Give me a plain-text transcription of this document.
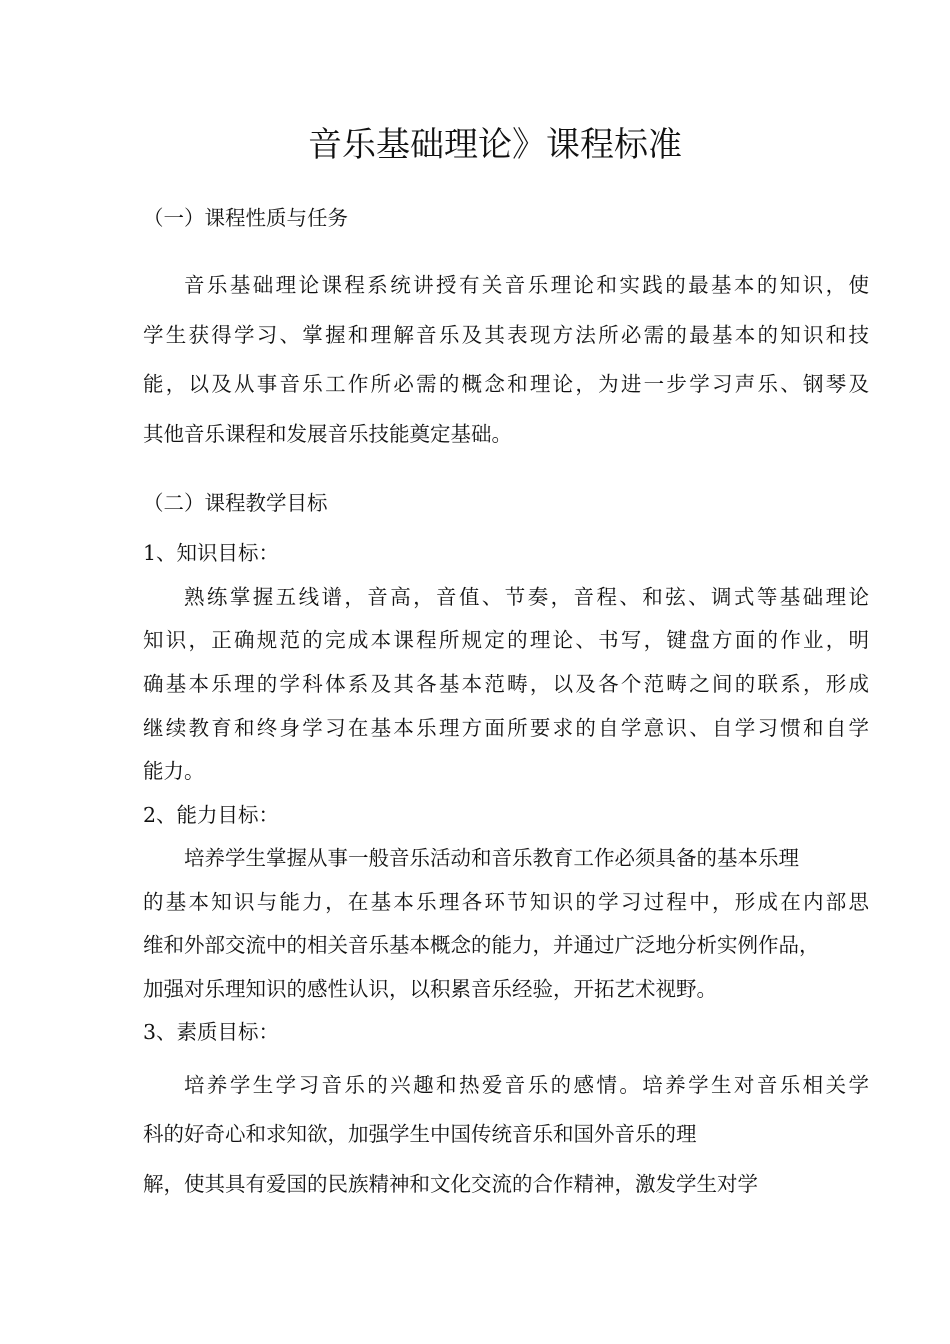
音乐基础理论》课程标准
（一）课程性质与任务
音乐基础理论课程系统讲授有关音乐理论和实践的最基本的知识，使
学生获得学习、掌握和理解音乐及其表现方法所必需的最基本的知识和技
能，以及从事音乐工作所必需的概念和理论，为进一步学习声乐、钢琴及
其他音乐课程和发展音乐技能奠定基础。
（二）课程教学目标
1、知识目标：
熟练掌握五线谱，音高，音值、节奏，音程、和弦、调式等基础理论
知识，正确规范的完成本课程所规定的理论、书写，键盘方面的作业，明
确基本乐理的学科体系及其各基本范畴，以及各个范畴之间的联系，形成
继续教育和终身学习在基本乐理方面所要求的自学意识、自学习惯和自学
能力。
2、能力目标：
培养学生掌握从事一般音乐活动和音乐教育工作必须具备的基本乐理
的基本知识与能力，在基本乐理各环节知识的学习过程中，形成在内部思
维和外部交流中的相关音乐基本概念的能力，并通过广泛地分析实例作品，
加强对乐理知识的感性认识，以积累音乐经验，开拓艺术视野。
3、素质目标：
培养学生学习音乐的兴趣和热爱音乐的感情。培养学生对音乐相关学
科的好奇心和求知欲，加强学生中国传统音乐和国外音乐的理
解，使其具有爱国的民族精神和文化交流的合作精神，激发学生对学
